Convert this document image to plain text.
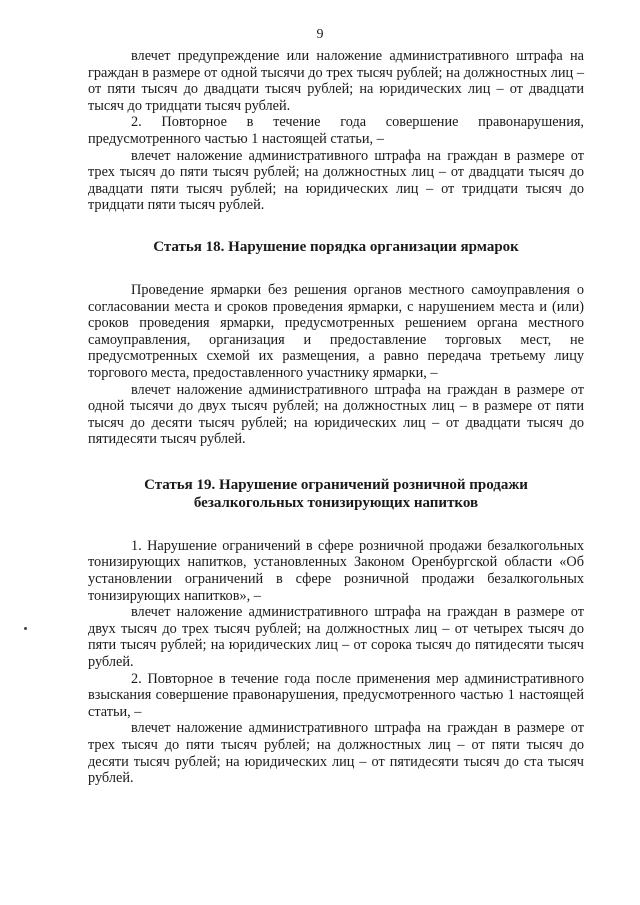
9

влечет предупреждение или наложение административного штрафа на граждан в размере от одной тысячи до трех тысяч рублей; на должностных лиц – от пяти тысяч до двадцати тысяч рублей; на юридических лиц – от двадцати тысяч до тридцати тысяч рублей.

2. Повторное в течение года совершение правонарушения, предусмотренного частью 1 настоящей статьи, –

влечет наложение административного штрафа на граждан в размере от трех тысяч до пяти тысяч рублей; на должностных лиц – от двадцати тысяч до двадцати пяти тысяч рублей; на юридических лиц – от тридцати тысяч до тридцати пяти тысяч рублей.

Статья 18. Нарушение порядка организации ярмарок

Проведение ярмарки без решения органов местного самоуправления о согласовании места и сроков проведения ярмарки, с нарушением места и (или) сроков проведения ярмарки, предусмотренных решением органа местного самоуправления, организация и предоставление торговых мест, не предусмотренных схемой их размещения, а равно передача третьему лицу торгового места, предоставленного участнику ярмарки, –

влечет наложение административного штрафа на граждан в размере от одной тысячи до двух тысяч рублей; на должностных лиц – в размере от пяти тысяч до десяти тысяч рублей; на юридических лиц – от двадцати тысяч до пятидесяти тысяч рублей.

Статья 19. Нарушение ограничений розничной продажи
безалкогольных тонизирующих напитков

1. Нарушение ограничений в сфере розничной продажи безалкогольных тонизирующих напитков, установленных Законом Оренбургской области «Об установлении ограничений в сфере розничной продажи безалкогольных тонизирующих напитков», –

влечет наложение административного штрафа на граждан в размере от двух тысяч до трех тысяч рублей; на должностных лиц – от четырех тысяч до пяти тысяч рублей; на юридических лиц – от сорока тысяч до пятидесяти тысяч рублей.

2. Повторное в течение года после применения мер административного взыскания совершение правонарушения, предусмотренного частью 1 настоящей статьи, –

влечет наложение административного штрафа на граждан в размере от трех тысяч до пяти тысяч рублей; на должностных лиц – от пяти тысяч до десяти тысяч рублей; на юридических лиц – от пятидесяти тысяч до ста тысяч рублей.
